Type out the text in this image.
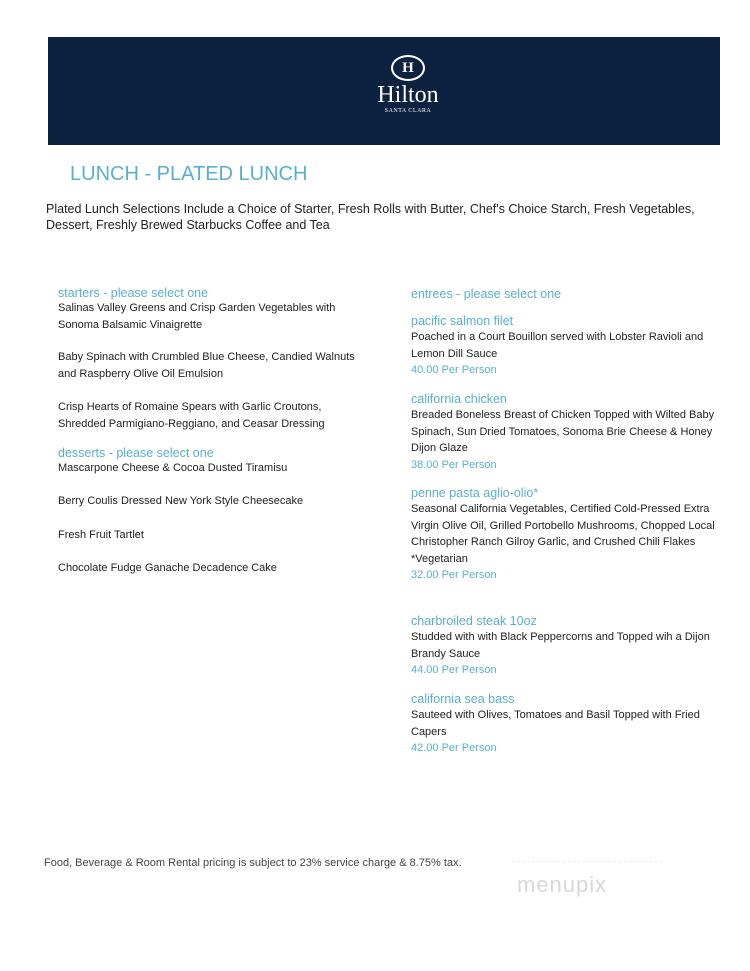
H
Hilton
SANTA CLARA
LUNCH - PLATED LUNCH
Plated Lunch Selections Include a Choice of Starter, Fresh Rolls with Butter, Chef's Choice Starch, Fresh Vegetables, Dessert, Freshly Brewed Starbucks Coffee and Tea
starters - please select one
Salinas Valley Greens and Crisp Garden Vegetables with Sonoma Balsamic Vinaigrette
Baby Spinach with Crumbled Blue Cheese, Candied Walnuts and Raspberry Olive Oil Emulsion
Crisp Hearts of Romaine Spears with Garlic Croutons, Shredded Parmigiano-Reggiano, and Ceasar Dressing
desserts - please select one
Mascarpone Cheese & Cocoa Dusted Tiramisu
Berry Coulis Dressed New York Style Cheesecake
Fresh Fruit Tartlet
Chocolate Fudge Ganache Decadence Cake
entrees - please select one
pacific salmon filet
Poached in a Court Bouillon served with Lobster Ravioli and Lemon Dill Sauce
40.00 Per Person
california chicken
Breaded Boneless Breast of Chicken Topped with Wilted Baby Spinach, Sun Dried Tomatoes, Sonoma Brie Cheese & Honey Dijon Glaze
38.00 Per Person
penne pasta aglio-olio*
Seasonal California Vegetables, Certified Cold-Pressed Extra Virgin Olive Oil, Grilled Portobello Mushrooms, Chopped Local Christopher Ranch Gilroy Garlic, and Crushed Chili Flakes
*Vegetarian
32.00 Per Person
charbroiled steak 10oz
Studded with with Black Peppercorns and Topped wih a Dijon Brandy Sauce
44.00 Per Person
california sea bass
Sauteed with Olives, Tomatoes and Basil Topped with Fried Capers
42.00 Per Person
Food, Beverage & Room Rental pricing is subject to 23% service charge & 8.75% tax.
menupix
